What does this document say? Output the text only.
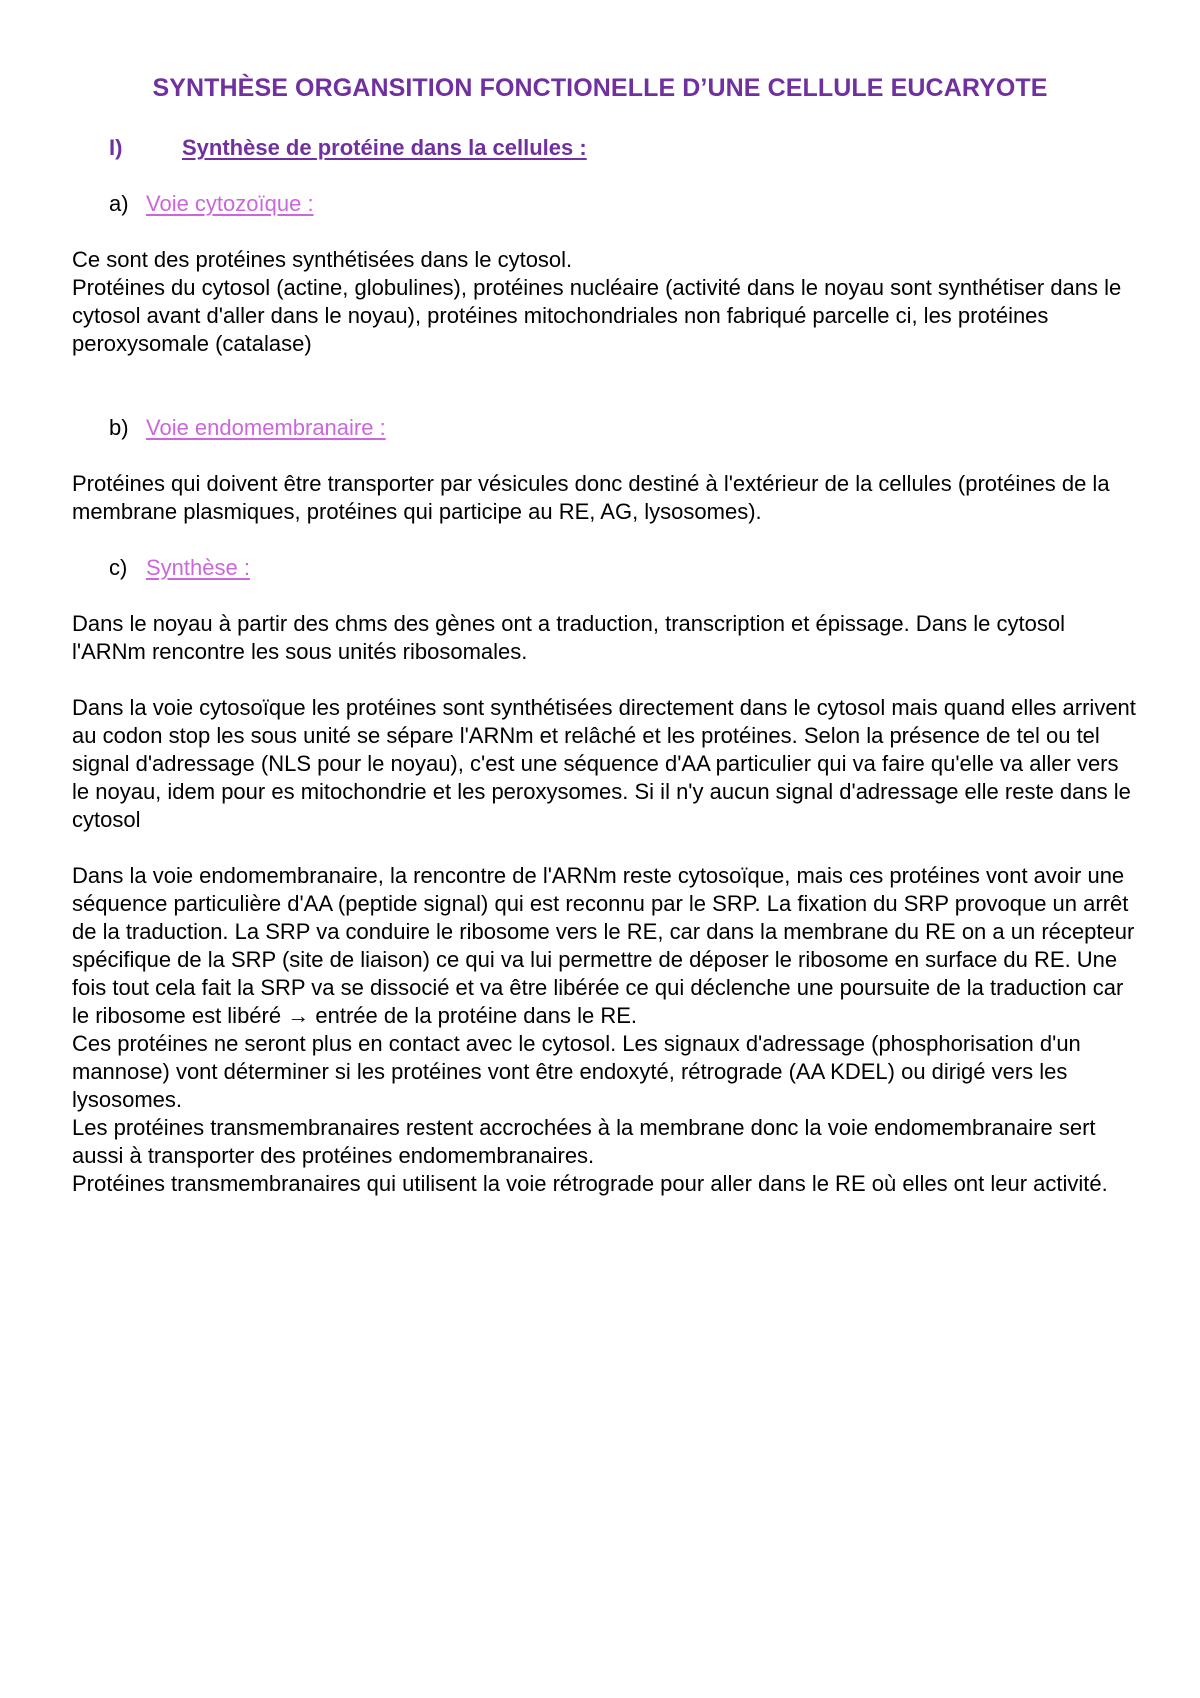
SYNTHÈSE ORGANSITION FONCTIONELLE D’UNE CELLULE EUCARYOTE
I)	Synthèse de protéine dans la cellules :
a) Voie cytozoïque :

Ce sont des protéines synthétisées dans le cytosol.

Protéines du cytosol (actine, globulines), protéines nucléaire (activité dans le noyau sont synthétiser dans le cytosol avant d'aller dans le noyau), protéines mitochondriales non fabriqué parcelle ci, les protéines peroxysomale (catalase)

b) Voie endomembranaire :

Protéines qui doivent être transporter par vésicules donc destiné à l'extérieur de la cellules (protéines de la membrane plasmiques, protéines qui participe au RE, AG, lysosomes).

c) Synthèse :

Dans le noyau à partir des chms des gènes ont a traduction, transcription et épissage. Dans le cytosol l'ARNm rencontre les sous unités ribosomales.

Dans la voie cytosoïque les protéines sont synthétisées directement dans le cytosol mais quand elles arrivent au codon stop les sous unité se sépare l'ARNm et relâché et les protéines. Selon la présence de tel ou tel signal d'adressage (NLS pour le noyau), c'est une séquence d'AA particulier qui va faire qu'elle va aller vers le noyau, idem pour es mitochondrie et les peroxysomes. Si il n'y aucun signal d'adressage elle reste dans le cytosol

Dans la voie endomembranaire, la rencontre de l'ARNm reste cytosoïque, mais ces protéines vont avoir une séquence particulière d'AA (peptide signal) qui est reconnu par le SRP. La fixation du SRP provoque un arrêt de la traduction. La SRP va conduire le ribosome vers le RE, car dans la membrane du RE on a un récepteur spécifique de la SRP (site de liaison) ce qui va lui permettre de déposer le ribosome en surface du RE. Une fois tout cela fait la SRP va se dissocié et va être libérée ce qui déclenche une poursuite de la traduction car le ribosome est libéré → entrée de la protéine dans le RE.

Ces protéines ne seront plus en contact avec le cytosol. Les signaux d'adressage (phosphorisation d'un mannose) vont déterminer si les protéines vont être endoxyté, rétrograde (AA KDEL) ou dirigé vers les lysosomes.

Les protéines transmembranaires restent accrochées à la membrane donc la voie endomembranaire sert aussi à transporter des protéines endomembranaires.

Protéines transmembranaires qui utilisent la voie rétrograde pour aller dans le RE où elles ont leur activité.
